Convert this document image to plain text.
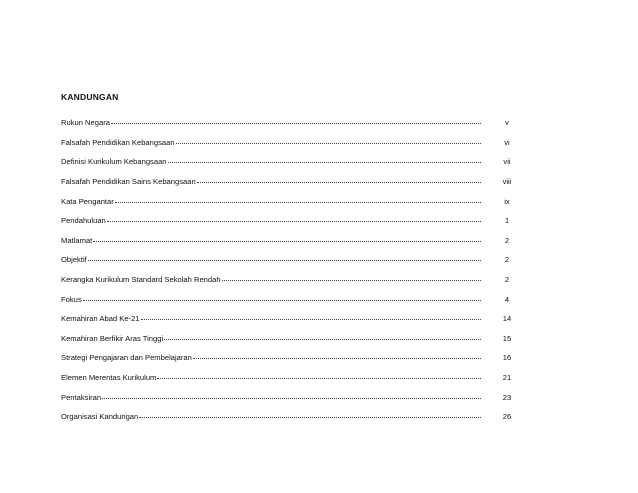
KANDUNGAN
Rukun Negara	v
Falsafah Pendidikan Kebangsaan	vi
Definisi Kurikulum Kebangsaan	vii
Falsafah Pendidikan Sains Kebangsaan	viii
Kata Pengantar	ix
Pendahuluan	1
Matlamat	2
Objektif	2
Kerangka Kurikulum Standard Sekolah Rendah	2
Fokus	4
Kemahiran Abad Ke-21	14
Kemahiran Berfikir Aras Tinggi	15
Strategi Pengajaran dan Pembelajaran	16
Elemen Merentas Kurikulum	21
Pentaksiran	23
Organisasi Kandungan	26
